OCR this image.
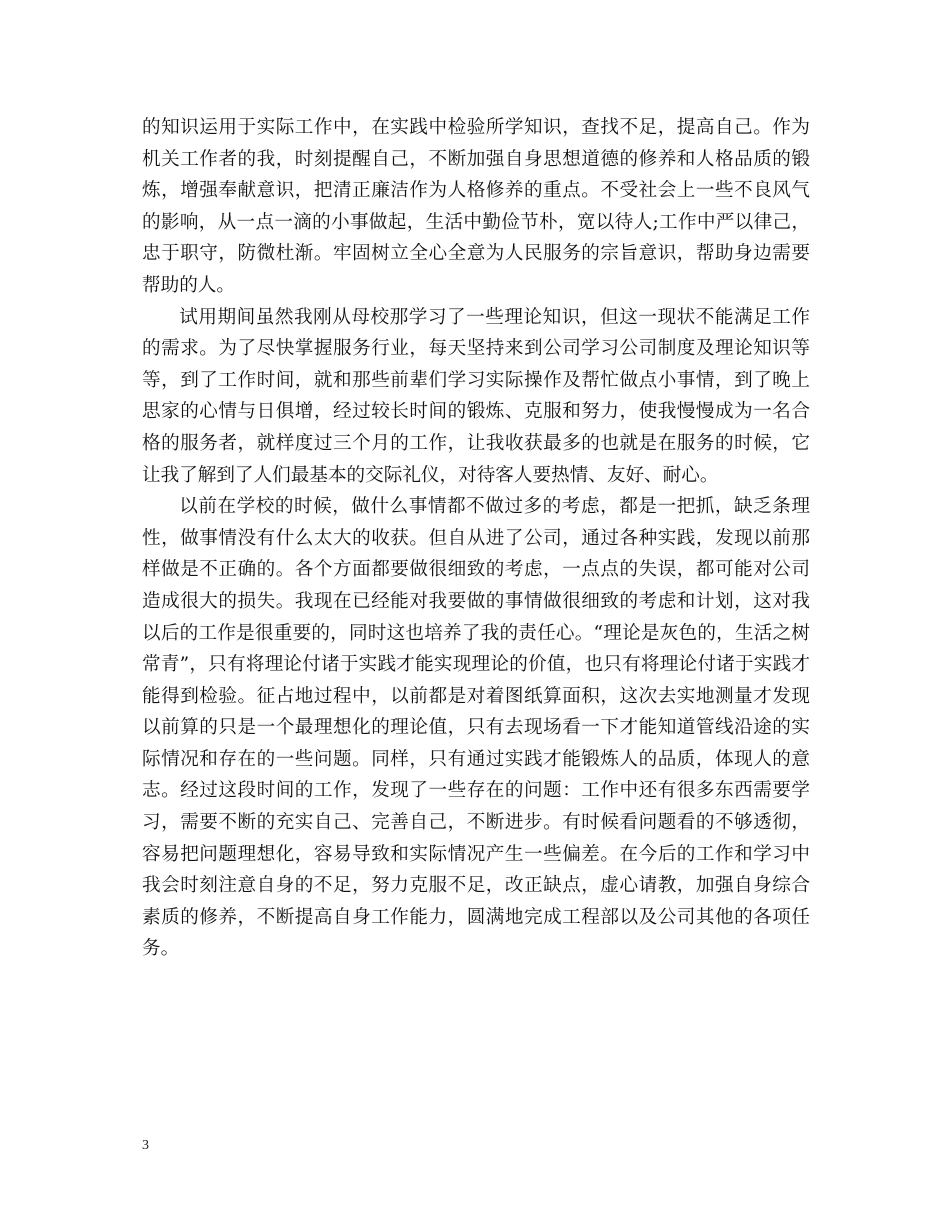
的知识运用于实际工作中，在实践中检验所学知识，查找不足，提高自己。作为机关工作者的我，时刻提醒自己，不断加强自身思想道德的修养和人格品质的锻炼，增强奉献意识，把清正廉洁作为人格修养的重点。不受社会上一些不良风气的影响，从一点一滴的小事做起，生活中勤俭节朴，宽以待人;工作中严以律己，忠于职守，防微杜渐。牢固树立全心全意为人民服务的宗旨意识，帮助身边需要帮助的人。

试用期间虽然我刚从母校那学习了一些理论知识，但这一现状不能满足工作的需求。为了尽快掌握服务行业，每天坚持来到公司学习公司制度及理论知识等等，到了工作时间，就和那些前辈们学习实际操作及帮忙做点小事情，到了晚上思家的心情与日俱增，经过较长时间的锻炼、克服和努力，使我慢慢成为一名合格的服务者，就样度过三个月的工作，让我收获最多的也就是在服务的时候，它让我了解到了人们最基本的交际礼仪，对待客人要热情、友好、耐心。

以前在学校的时候，做什么事情都不做过多的考虑，都是一把抓，缺乏条理性，做事情没有什么太大的收获。但自从进了公司，通过各种实践，发现以前那样做是不正确的。各个方面都要做很细致的考虑，一点点的失误，都可能对公司造成很大的损失。我现在已经能对我要做的事情做很细致的考虑和计划，这对我以后的工作是很重要的，同时这也培养了我的责任心。“理论是灰色的，生活之树常青”，只有将理论付诸于实践才能实现理论的价值，也只有将理论付诸于实践才能得到检验。征占地过程中，以前都是对着图纸算面积，这次去实地测量才发现以前算的只是一个最理想化的理论值，只有去现场看一下才能知道管线沿途的实际情况和存在的一些问题。同样，只有通过实践才能锻炼人的品质，体现人的意志。经过这段时间的工作，发现了一些存在的问题：工作中还有很多东西需要学习，需要不断的充实自己、完善自己，不断进步。有时候看问题看的不够透彻，容易把问题理想化，容易导致和实际情况产生一些偏差。在今后的工作和学习中我会时刻注意自身的不足，努力克服不足，改正缺点，虚心请教，加强自身综合素质的修养，不断提高自身工作能力，圆满地完成工程部以及公司其他的各项任务。

3
